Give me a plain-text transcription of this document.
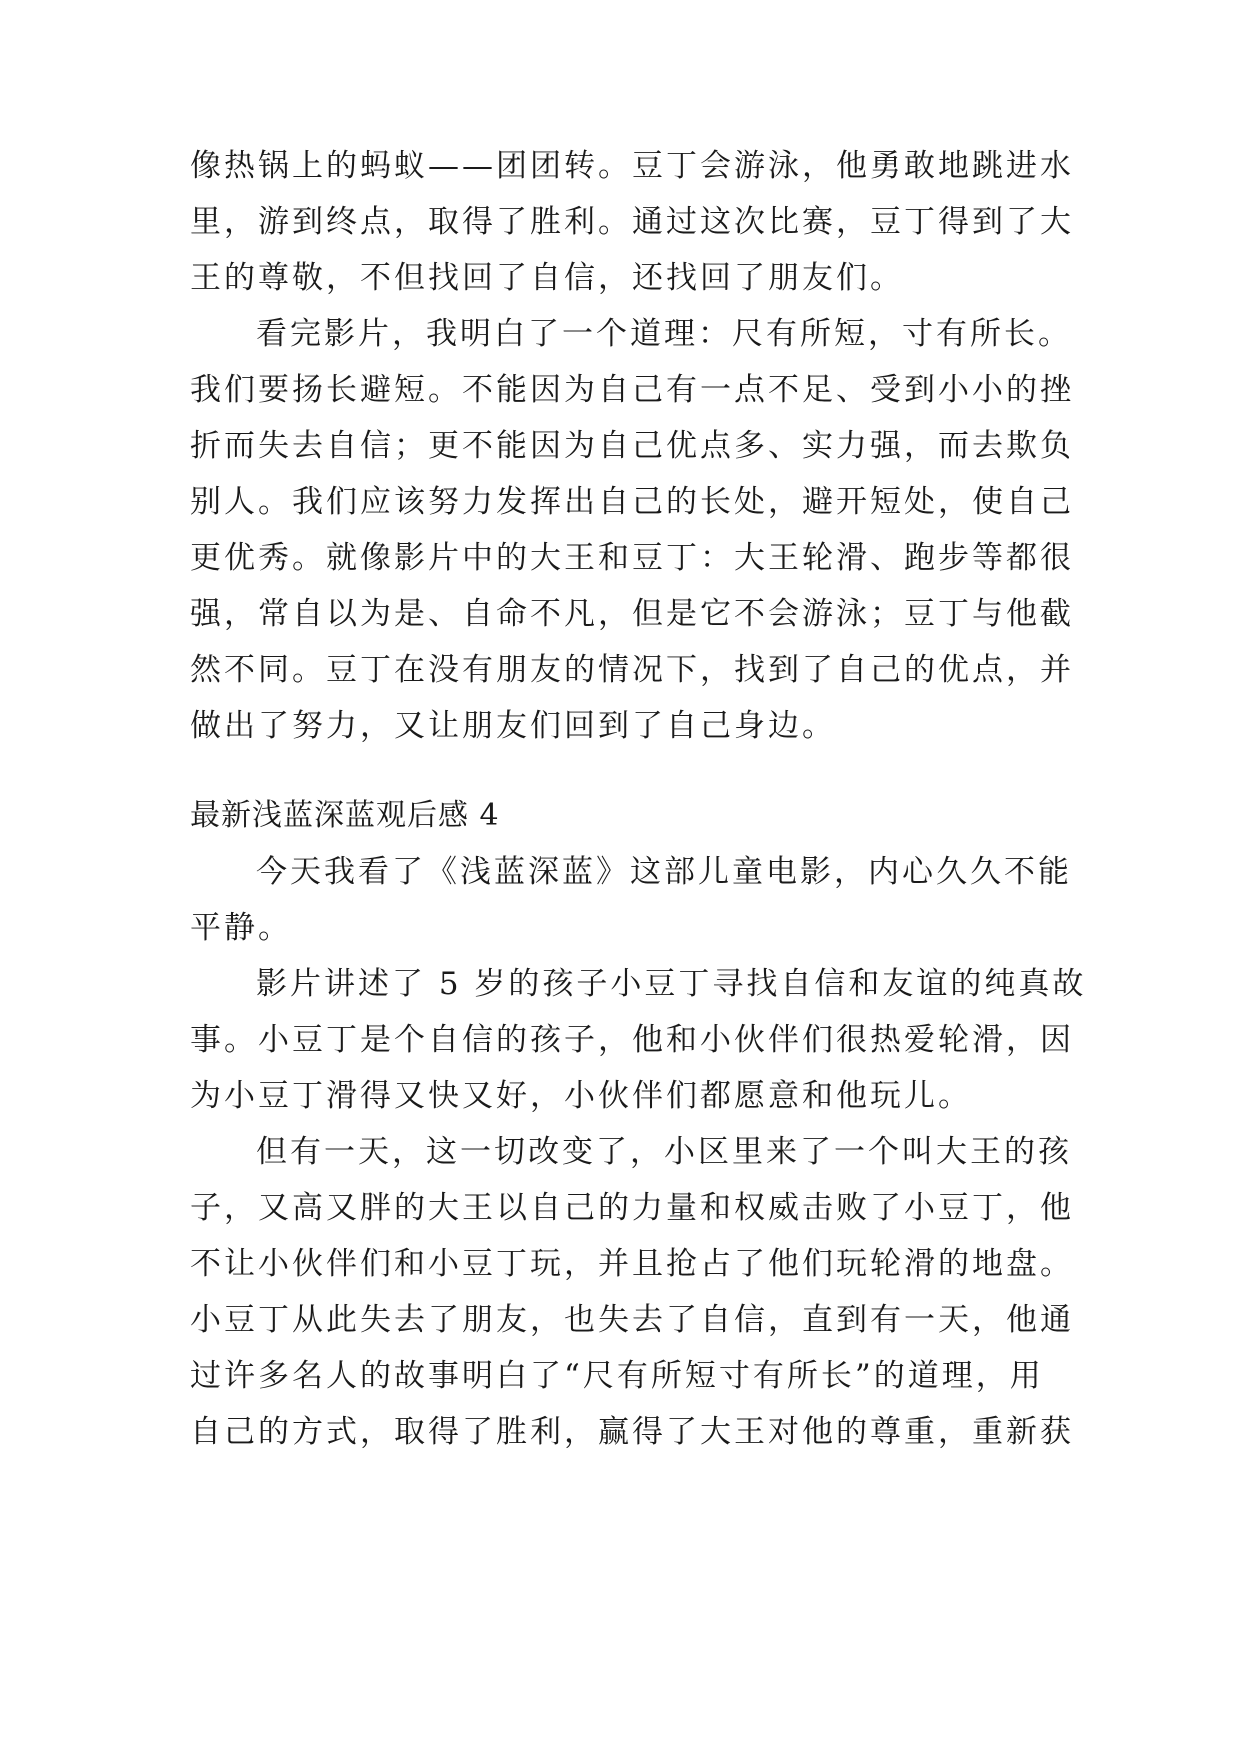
像热锅上的蚂蚁——团团转。豆丁会游泳，他勇敢地跳进水
里，游到终点，取得了胜利。通过这次比赛，豆丁得到了大
王的尊敬，不但找回了自信，还找回了朋友们。
看完影片，我明白了一个道理：尺有所短，寸有所长。
我们要扬长避短。不能因为自己有一点不足、受到小小的挫
折而失去自信；更不能因为自己优点多、实力强，而去欺负
别人。我们应该努力发挥出自己的长处，避开短处，使自己
更优秀。就像影片中的大王和豆丁：大王轮滑、跑步等都很
强，常自以为是、自命不凡，但是它不会游泳；豆丁与他截
然不同。豆丁在没有朋友的情况下，找到了自己的优点，并
做出了努力，又让朋友们回到了自己身边。
最新浅蓝深蓝观后感 4
今天我看了《浅蓝深蓝》这部儿童电影，内心久久不能
平静。
影片讲述了 5 岁的孩子小豆丁寻找自信和友谊的纯真故
事。小豆丁是个自信的孩子，他和小伙伴们很热爱轮滑，因
为小豆丁滑得又快又好，小伙伴们都愿意和他玩儿。
但有一天，这一切改变了，小区里来了一个叫大王的孩
子，又高又胖的大王以自己的力量和权威击败了小豆丁，他
不让小伙伴们和小豆丁玩，并且抢占了他们玩轮滑的地盘。
小豆丁从此失去了朋友，也失去了自信，直到有一天，他通
过许多名人的故事明白了“尺有所短寸有所长”的道理，用
自己的方式，取得了胜利，赢得了大王对他的尊重，重新获
